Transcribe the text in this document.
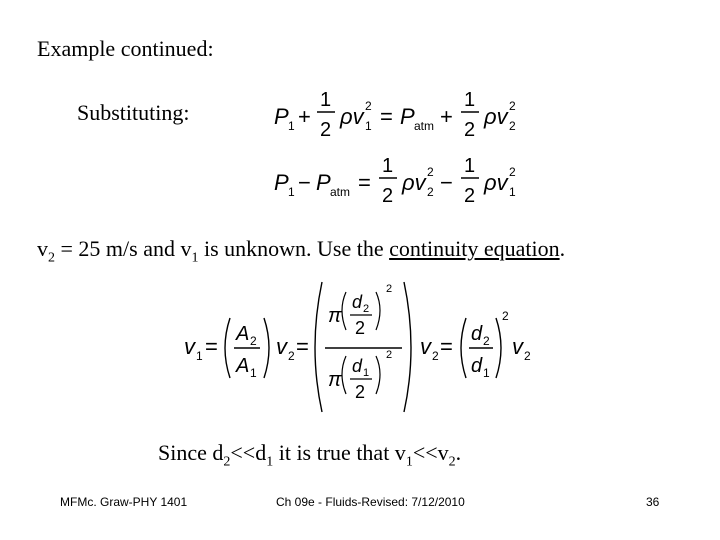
Example continued:
Substituting:	P 1 +
1
2
ρv 2
1 = P atm +
1
2
ρv 2
2
P 1 − P atm =
1
2
ρv 2
2 −
1
2
ρv 2
1
$v_2 = 25$ m/s and $v_1$ is unknown. Use the continuity equation.
v 1 = A 2
A 1
v 2 =
π
d 2
2
2
π
d 1
2
2 v 2 = d 2
d 1
2
v 2
Since $d_2<<d_1$ it is true that $v_1<<v_2$.
MFMc. Graw-PHY 1401	Ch 09e - Fluids-Revised: 7/12/2010	36
